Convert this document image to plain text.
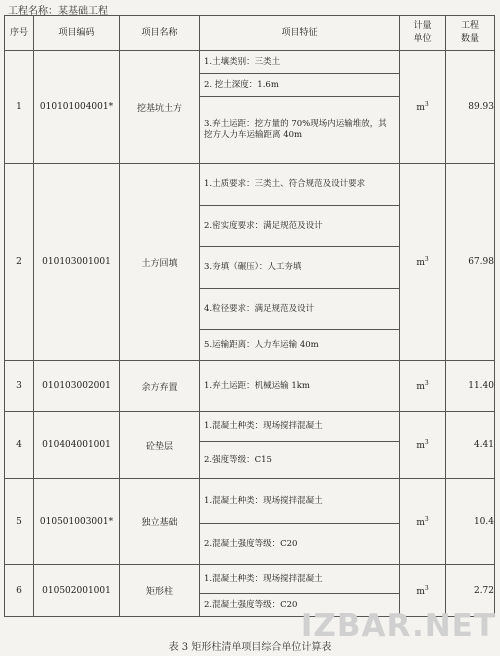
工程名称：某基础工程
序号	项目编码	项目名称	项目特征	计量单位	工程数量
1	010101004001*	挖基坑土方	1.土壤类别：三类土
2. 挖土深度：1.6m
3.弃土运距：挖方量的 70%现场内运输堆放，其挖方人力车运输距离 40m	$m^3$	89.93
2	010103001001	土方回填	1.土质要求：三类土、符合规范及设计要求
2.密实度要求：满足规范及设计
3.夯填（碾压）：人工夯填
4.粒径要求：满足规范及设计
5.运输距离：人力车运输 40m	$m^3$	67.98
3	010103002001	余方弃置	1.弃土运距：机械运输 1km	$m^3$	11.40
4	010404001001	砼垫层	1.混凝土种类：现场搅拌混凝土
2.强度等级：C15	$m^3$	4.41
5	010501003001*	独立基础	1.混凝土种类：现场搅拌混凝土
2.混凝土强度等级：C20	$m^3$	10.4
6	010502001001	矩形柱	1.混凝土种类：现场搅拌混凝土
2.混凝土强度等级：C20	$m^3$	2.72
表 3 矩形柱清单项目综合单位计算表
IZBAR.NET
